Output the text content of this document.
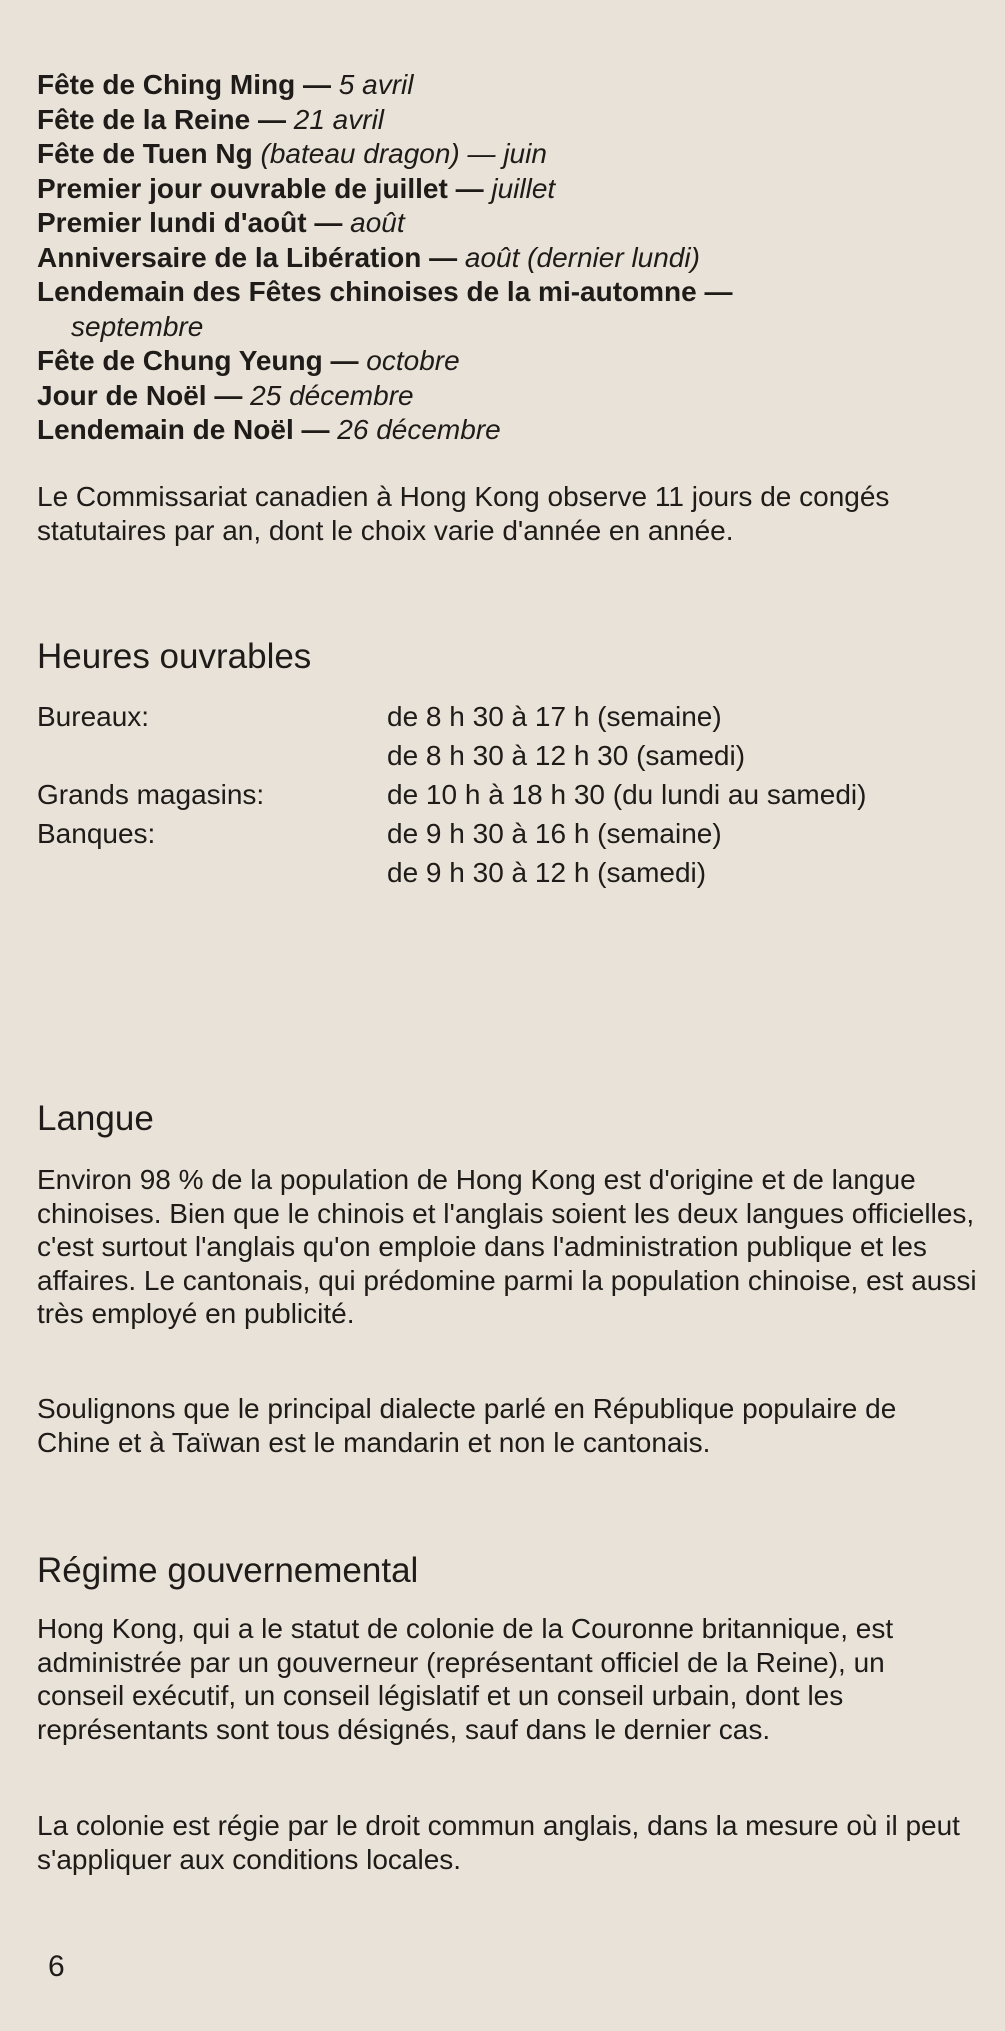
Fête de Ching Ming — 5 avril
Fête de la Reine — 21 avril
Fête de Tuen Ng (bateau dragon) — juin
Premier jour ouvrable de juillet — juillet
Premier lundi d'août — août
Anniversaire de la Libération — août (dernier lundi)
Lendemain des Fêtes chinoises de la mi-automne —
septembre
Fête de Chung Yeung — octobre
Jour de Noël — 25 décembre
Lendemain de Noël — 26 décembre

Le Commissariat canadien à Hong Kong observe 11 jours de congés statutaires par an, dont le choix varie d'année en année.

Heures ouvrables
Bureaux:	de 8 h 30 à 17 h (semaine)
de 8 h 30 à 12 h 30 (samedi)
Grands magasins:	de 10 h à 18 h 30 (du lundi au samedi)
Banques:	de 9 h 30 à 16 h (semaine)
de 9 h 30 à 12 h (samedi)
Langue

Environ 98 % de la population de Hong Kong est d'origine et de langue chinoises. Bien que le chinois et l'anglais soient les deux langues officielles, c'est surtout l'anglais qu'on emploie dans l'administration publique et les affaires. Le cantonais, qui prédomine parmi la population chinoise, est aussi très employé en publicité.

Soulignons que le principal dialecte parlé en République populaire de Chine et à Taïwan est le mandarin et non le cantonais.

Régime gouvernemental

Hong Kong, qui a le statut de colonie de la Couronne britannique, est administrée par un gouverneur (représentant officiel de la Reine), un conseil exécutif, un conseil législatif et un conseil urbain, dont les représentants sont tous désignés, sauf dans le dernier cas.

La colonie est régie par le droit commun anglais, dans la mesure où il peut s'appliquer aux conditions locales.

6
